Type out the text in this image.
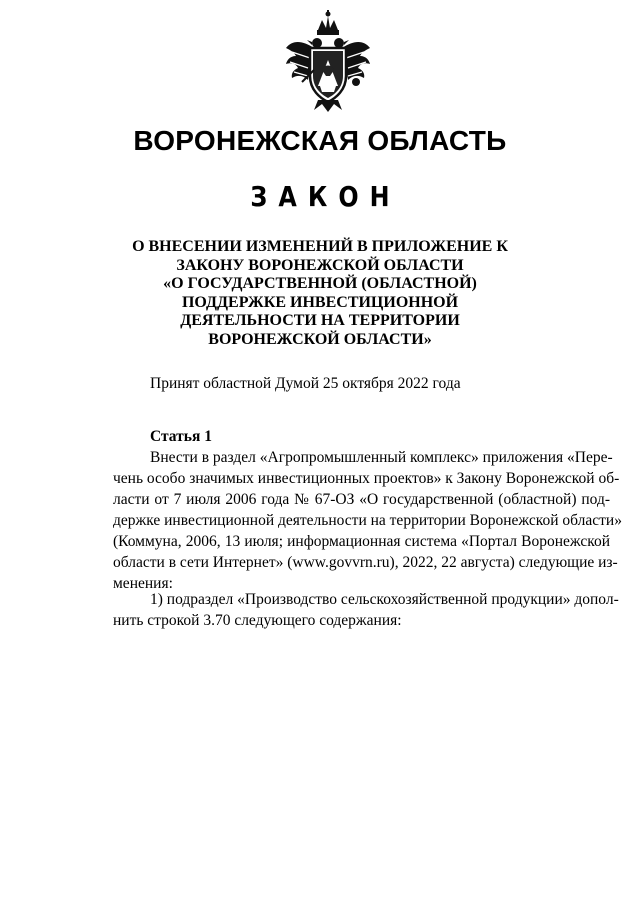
ВОРОНЕЖСКАЯ ОБЛАСТЬ
ЗАКОН
О ВНЕСЕНИИ ИЗМЕНЕНИЙ В ПРИЛОЖЕНИЕ К
ЗАКОНУ ВОРОНЕЖСКОЙ ОБЛАСТИ
«О ГОСУДАРСТВЕННОЙ (ОБЛАСТНОЙ)
ПОДДЕРЖКЕ ИНВЕСТИЦИОННОЙ
ДЕЯТЕЛЬНОСТИ НА ТЕРРИТОРИИ
ВОРОНЕЖСКОЙ ОБЛАСТИ»
Принят областной Думой 25 октября 2022 года
Статья 1
Внести в раздел «Агропромышленный комплекс» приложения «Пере-
чень особо значимых инвестиционных проектов» к Закону Воронежской об-
ласти от 7 июля 2006 года № 67-ОЗ «О государственной (областной) под-
держке инвестиционной деятельности на территории Воронежской области»
(Коммуна, 2006, 13 июля; информационная система «Портал Воронежской
области в сети Интернет» (www.govvrn.ru), 2022, 22 августа) следующие из-
менения:
1) подраздел «Производство сельскохозяйственной продукции» допол-
нить строкой 3.70 следующего содержания:
